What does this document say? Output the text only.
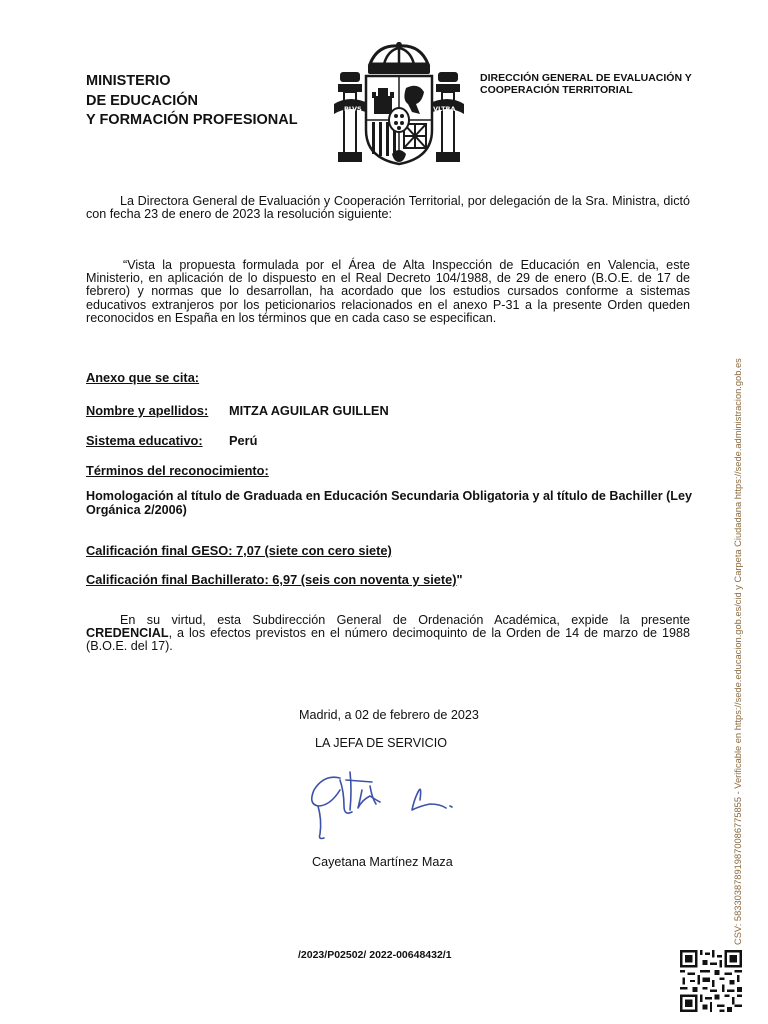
MINISTERIO
DE EDUCACIÓN
Y FORMACIÓN PROFESIONAL
PLVS	VLTRA
DIRECCIÓN GENERAL DE EVALUACIÓN Y
COOPERACIÓN TERRITORIAL
La Directora General de Evaluación y Cooperación Territorial, por delegación de la Sra. Ministra, dictó con fecha 23 de enero de 2023 la resolución siguiente:
“Vista la propuesta formulada por el Área de Alta Inspección de Educación en Valencia, este Ministerio, en aplicación de lo dispuesto en el Real Decreto 104/1988, de 29 de enero (B.O.E. de 17 de febrero) y normas que lo desarrollan, ha acordado que los estudios cursados conforme a sistemas educativos extranjeros por los peticionarios relacionados en el anexo P-31 a la presente Orden queden reconocidos en España en los términos que en cada caso se especifican.
Anexo que se cita:
Nombre y apellidos: MITZA AGUILAR GUILLEN
Sistema educativo: Perú
Términos del reconocimiento:
Homologación al título de Graduada en Educación Secundaria Obligatoria y al título de Bachiller (Ley Orgánica 2/2006)
Calificación final GESO: 7,07 (siete con cero siete)
Calificación final Bachillerato: 6,97 (seis con noventa y siete)"
En su virtud, esta Subdirección General de Ordenación Académica, expide la presente CREDENCIAL, a los efectos previstos en el número decimoquinto de la Orden de 14 de marzo de 1988 (B.O.E. del 17).
Madrid, a 02 de febrero de 2023
LA JEFA DE SERVICIO
Cayetana Martínez Maza
/2023/P02502/ 2022-00648432/1
CSV: 583303878919870086775855 - Verificable en https://sede.educacion.gob.es/cid y Carpeta Ciudadana https://sede.administracion.gob.es
